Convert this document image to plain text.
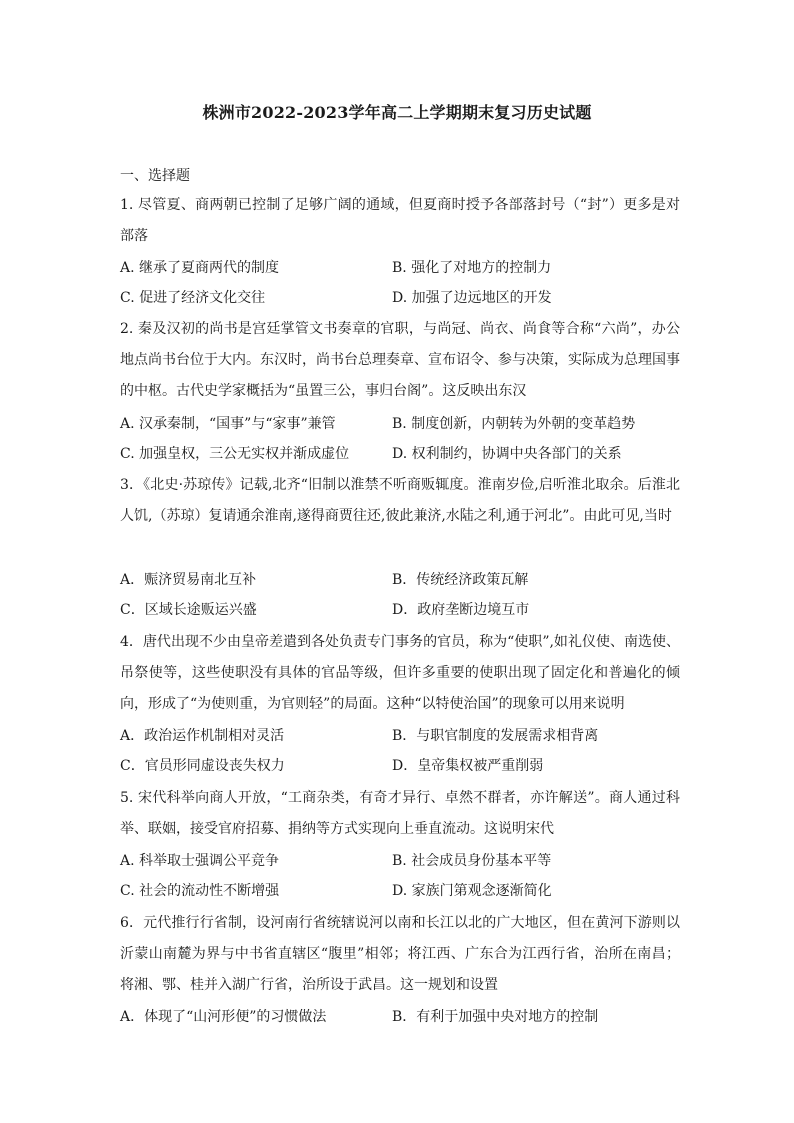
株洲市2022-2023学年高二上学期期末复习历史试题
一、选择题
1. 尽管夏、商两朝已控制了足够广阔的通域，但夏商时授予各部落封号（“封”）更多是对部落
A. 继承了夏商两代的制度	B. 强化了对地方的控制力
C. 促进了经济文化交往	D. 加强了边远地区的开发
2. 秦及汉初的尚书是宫廷掌管文书奏章的官职，与尚冠、尚衣、尚食等合称“六尚”，办公地点尚书台位于大内。东汉时，尚书台总理奏章、宣布诏令、参与决策，实际成为总理国事的中枢。古代史学家概括为“虽置三公，事归台阁”。这反映出东汉
A. 汉承秦制，“国事”与“家事”兼管	B. 制度创新，内朝转为外朝的变革趋势
C. 加强皇权，三公无实权并渐成虚位	D. 权利制约，协调中央各部门的关系
3．《北史·苏琼传》记载,北齐“旧制以淮禁不听商贩辄度。淮南岁俭,启听淮北取余。后淮北人饥,（苏琼）复请通余淮南,遂得商贾往还,彼此兼济,水陆之利,通于河北”。由此可见,当时
A．赈济贸易南北互补	B．传统经济政策瓦解
C．区域长途贩运兴盛	D．政府垄断边境互市
4．唐代出现不少由皇帝差遣到各处负责专门事务的官员，称为“使职”,如礼仪使、南选使、吊祭使等，这些使职没有具体的官品等级，但许多重要的使职出现了固定化和普遍化的倾向，形成了“为使则重，为官则轻”的局面。这种“以特使治国”的现象可以用来说明
A．政治运作机制相对灵活	B．与职官制度的发展需求相背离
C．官员形同虚设丧失权力	D．皇帝集权被严重削弱
5. 宋代科举向商人开放，“工商杂类，有奇才异行、卓然不群者，亦许解送”。商人通过科举、联姻，接受官府招募、捐纳等方式实现向上垂直流动。这说明宋代
A. 科举取士强调公平竞争	B. 社会成员身份基本平等
C. 社会的流动性不断增强	D. 家族门第观念逐渐简化
6．元代推行行省制，设河南行省统辖说河以南和长江以北的广大地区，但在黄河下游则以沂蒙山南麓为界与中书省直辖区“腹里”相邻；将江西、广东合为江西行省，治所在南昌；将湘、鄂、桂并入湖广行省，治所设于武昌。这一规划和设置
A．体现了“山河形便”的习惯做法	B．有利于加强中央对地方的控制
